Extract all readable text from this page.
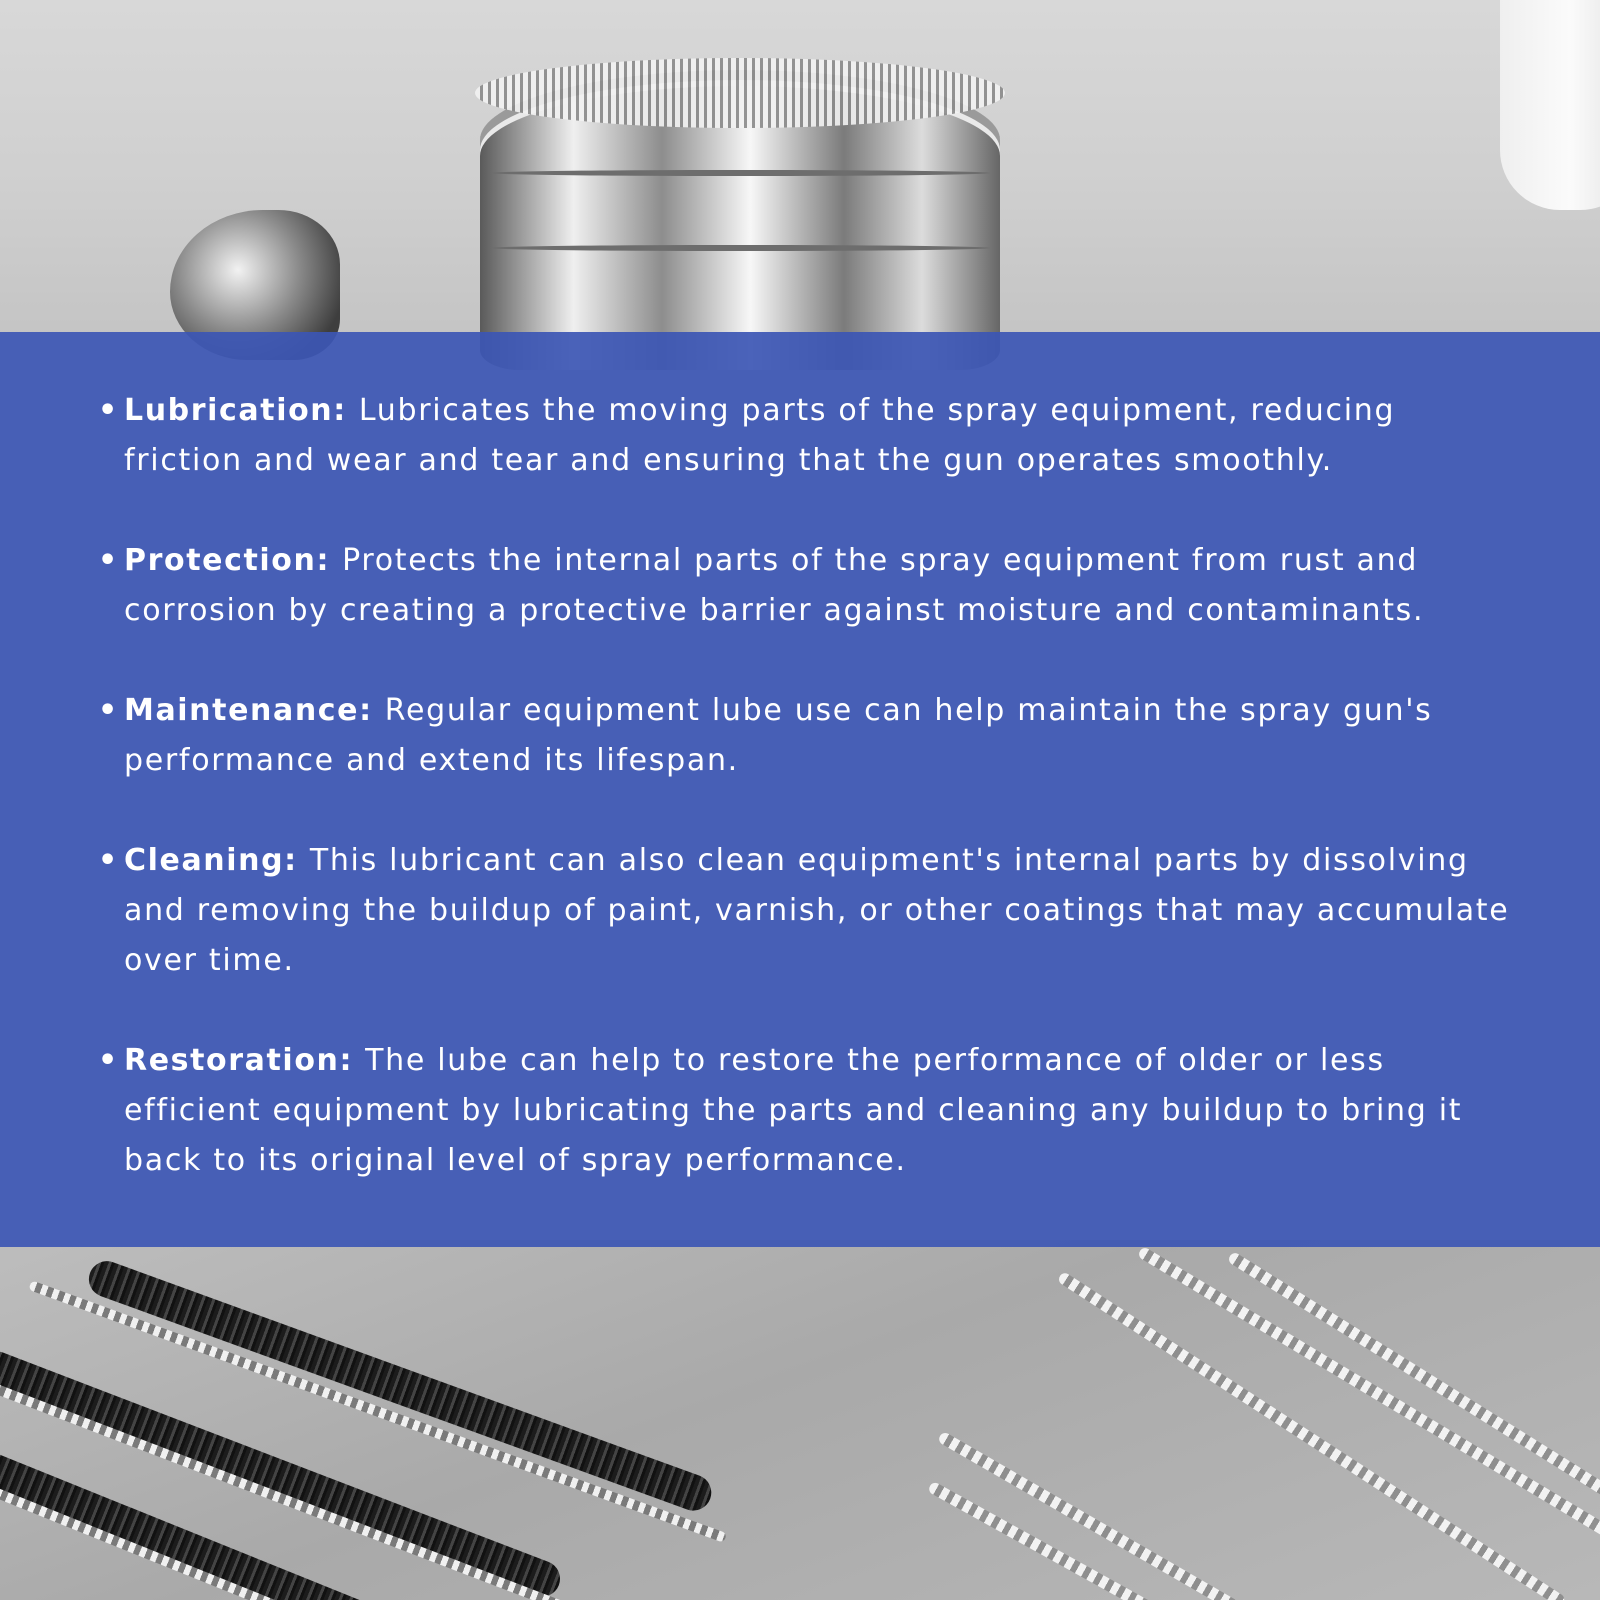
• Lubrication: Lubricates the moving parts of the spray equipment, reducing friction and wear and tear and ensuring that the gun operates smoothly.
• Protection: Protects the internal parts of the spray equipment from rust and corrosion by creating a protective barrier against moisture and contaminants.
• Maintenance: Regular equipment lube use can help maintain the spray gun's performance and extend its lifespan.
• Cleaning: This lubricant can also clean equipment's internal parts by dissolving and removing the buildup of paint, varnish, or other coatings that may accumulate over time.
• Restoration: The lube can help to restore the performance of older or less efficient equipment by lubricating the parts and cleaning any buildup to bring it back to its original level of spray performance.
